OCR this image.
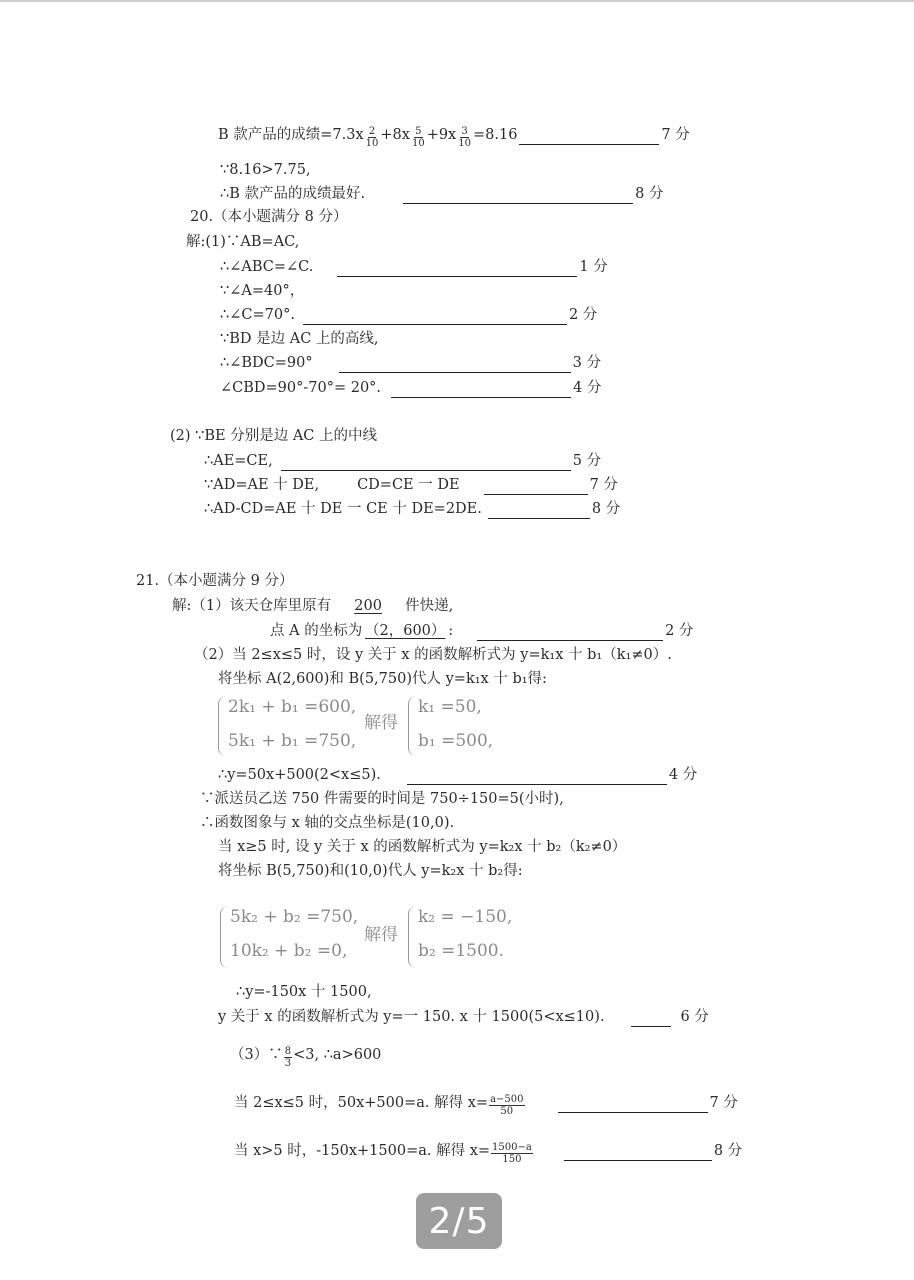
B 款产品的成绩$=7.3x \frac{2}{10} +8x \frac{5}{10} +9x \frac{3}{10} =8.16$	7 分
∵8.16>7.75,
∴B 款产品的成绩最好.	8 分
20.（本小题满分 8 分）
解:(1)∵AB=AC,
∴∠ABC=∠C.	1 分
∵∠A=40°，
∴∠C=70°.	2 分
∵BD 是边 AC 上的高线,
∴∠BDC=90°	3 分
∠CBD=90°-70°= 20°.	4 分
(2) ∵BE 分别是边 AC 上的中线
∴AE=CE,	5 分
∵AD=AE 十 DE,	CD=CE 一 DE	7 分
∴AD-CD=AE 十 DE 一 CE 十 DE=2DE.	8 分
21.（本小题满分 9 分）
解:（1）该天仓库里原有	200	件快递,
点 A 的坐标为 （2，600） :	2 分
（2）当 2≤x≤5 时，设 y 关于 x 的函数解析式为 y=k₁x 十 b₁（k₁≠0）.
将坐标 A(2,600)和 B(5,750)代人 y=k₁x 十 b₁得:
2k₁ + b₁ =600,
5k₁ + b₁ =750,
解得
k₁ =50,
b₁ =500,
∴y=50x+500(2<x≤5).	4 分
∵派送员乙送 750 件需要的时间是 750÷150=5(小时),
∴函数图象与 x 轴的交点坐标是(10,0).
当 x≥5 时, 设 y 关于 x 的函数解析式为 y=k₂x 十 b₂（k₂≠0）
将坐标 B(5,750)和(10,0)代人 y=k₂x 十 b₂得:
5k₂ + b₂ =750,
10k₂ + b₂ =0,
解得
k₂ = −150,
b₂ =1500.
∴y=-150x 十 1500,
y 关于 x 的函数解析式为 y=一 150. x 十 1500(5<x≤10).	6 分
（3）∵ $\frac{8}{3} <3$, ∴a>600
当 2≤x≤5 时，50x+500=a. 解得 $x= \frac{a-500}{50}$	7 分
当 x>5 时，-150x+1500=a. 解得 $x= \frac{1500-a}{150}$	8 分
2/5
